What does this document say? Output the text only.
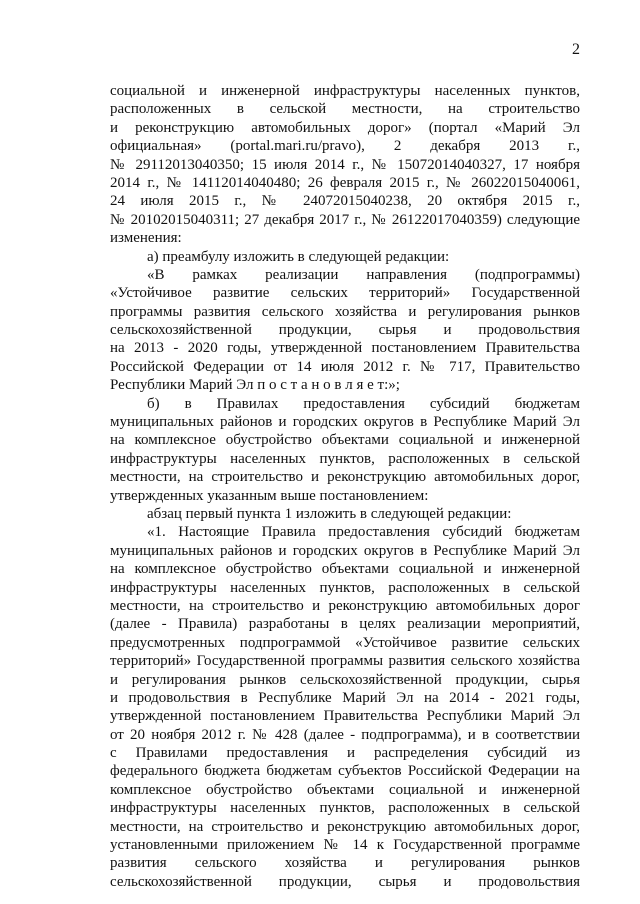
2
социальной и инженерной инфраструктуры населенных пунктов,
расположенных в сельской местности, на строительство
и реконструкцию автомобильных дорог» (портал «Марий Эл
официальная» (portal.mari.ru/pravo), 2 декабря 2013 г.,
№ 29112013040350; 15 июля 2014 г., № 15072014040327, 17 ноября
2014 г., № 14112014040480; 26 февраля 2015 г., № 26022015040061,
24 июля 2015 г., № 24072015040238, 20 октября 2015 г.,
№ 20102015040311; 27 декабря 2017 г., № 26122017040359) следующие
изменения:
а) преамбулу изложить в следующей редакции:
«В рамках реализации направления (подпрограммы)
«Устойчивое развитие сельских территорий» Государственной
программы развития сельского хозяйства и регулирования рынков
сельскохозяйственной продукции, сырья и продовольствия
на 2013 - 2020 годы, утвержденной постановлением Правительства
Российской Федерации от 14 июля 2012 г. № 717, Правительство
Республики Марий Эл п о с т а н о в л я е т:»;
б) в Правилах предоставления субсидий бюджетам
муниципальных районов и городских округов в Республике Марий Эл
на комплексное обустройство объектами социальной и инженерной
инфраструктуры населенных пунктов, расположенных в сельской
местности, на строительство и реконструкцию автомобильных дорог,
утвержденных указанным выше постановлением:
абзац первый пункта 1 изложить в следующей редакции:
«1. Настоящие Правила предоставления субсидий бюджетам
муниципальных районов и городских округов в Республике Марий Эл
на комплексное обустройство объектами социальной и инженерной
инфраструктуры населенных пунктов, расположенных в сельской
местности, на строительство и реконструкцию автомобильных дорог
(далее - Правила) разработаны в целях реализации мероприятий,
предусмотренных подпрограммой «Устойчивое развитие сельских
территорий» Государственной программы развития сельского хозяйства
и регулирования рынков сельскохозяйственной продукции, сырья
и продовольствия в Республике Марий Эл на 2014 - 2021 годы,
утвержденной постановлением Правительства Республики Марий Эл
от 20 ноября 2012 г. № 428 (далее - подпрограмма), и в соответствии
с Правилами предоставления и распределения субсидий из
федерального бюджета бюджетам субъектов Российской Федерации на
комплексное обустройство объектами социальной и инженерной
инфраструктуры населенных пунктов, расположенных в сельской
местности, на строительство и реконструкцию автомобильных дорог,
установленными приложением № 14 к Государственной программе
развития сельского хозяйства и регулирования рынков
сельскохозяйственной продукции, сырья и продовольствия
